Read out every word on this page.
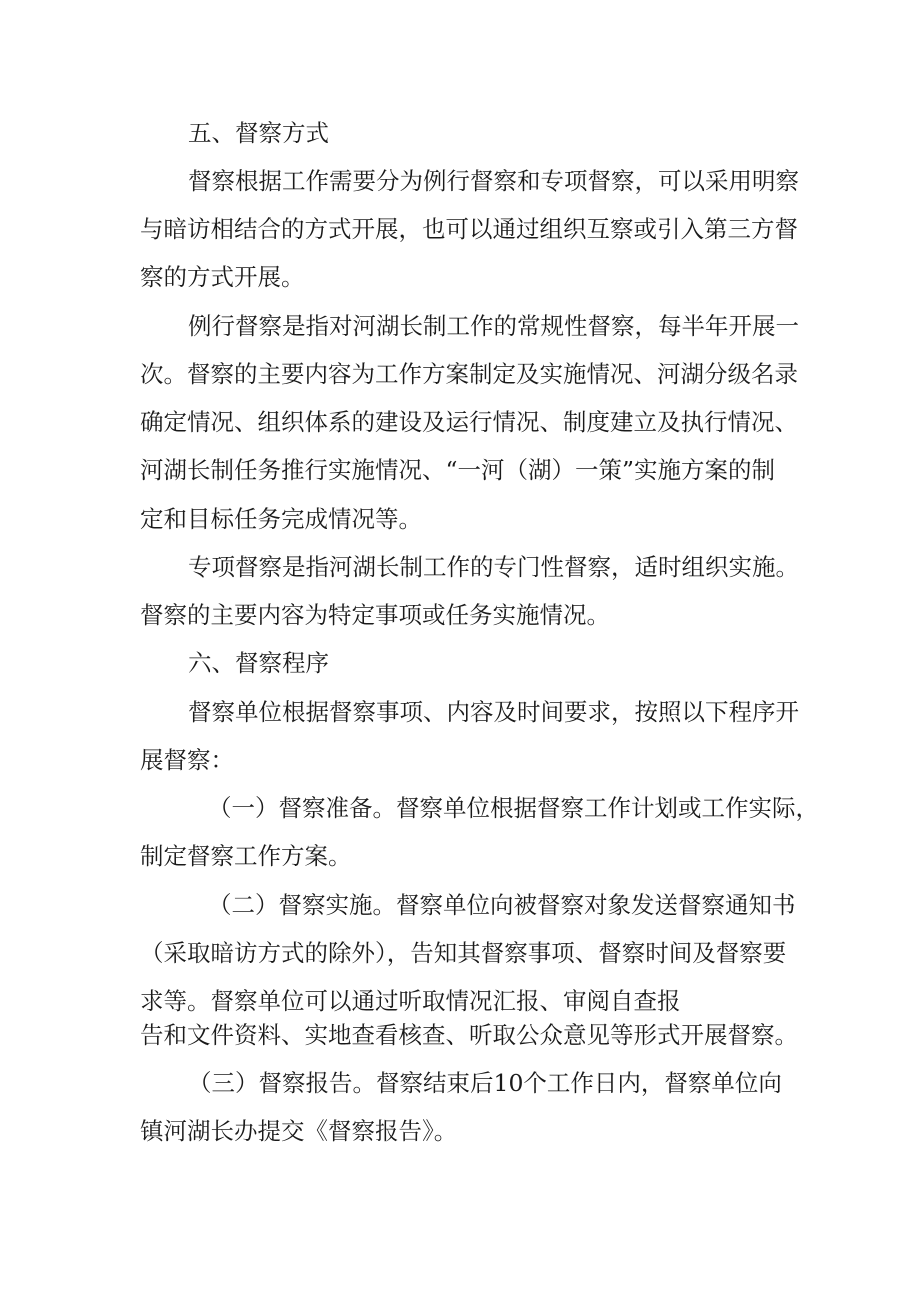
五、督察方式

督察根据工作需要分为例行督察和专项督察，可以采用明察

与暗访相结合的方式开展，也可以通过组织互察或引入第三方督

察的方式开展。

例行督察是指对河湖长制工作的常规性督察，每半年开展一

次。督察的主要内容为工作方案制定及实施情况、河湖分级名录

确定情况、组织体系的建设及运行情况、制度建立及执行情况、

河湖长制任务推行实施情况、“一河（湖）一策”实施方案的制

定和目标任务完成情况等。

专项督察是指河湖长制工作的专门性督察，适时组织实施。

督察的主要内容为特定事项或任务实施情况。

六、督察程序

督察单位根据督察事项、内容及时间要求，按照以下程序开

展督察：

（一）督察准备。督察单位根据督察工作计划或工作实际，

制定督察工作方案。

（二）督察实施。督察单位向被督察对象发送督察通知书

（采取暗访方式的除外），告知其督察事项、督察时间及督察要

求等。督察单位可以通过听取情况汇报、审阅自查报

告和文件资料、实地查看核查、听取公众意见等形式开展督察。

（三）督察报告。督察结束后10个工作日内，督察单位向

镇河湖长办提交《督察报告》。
